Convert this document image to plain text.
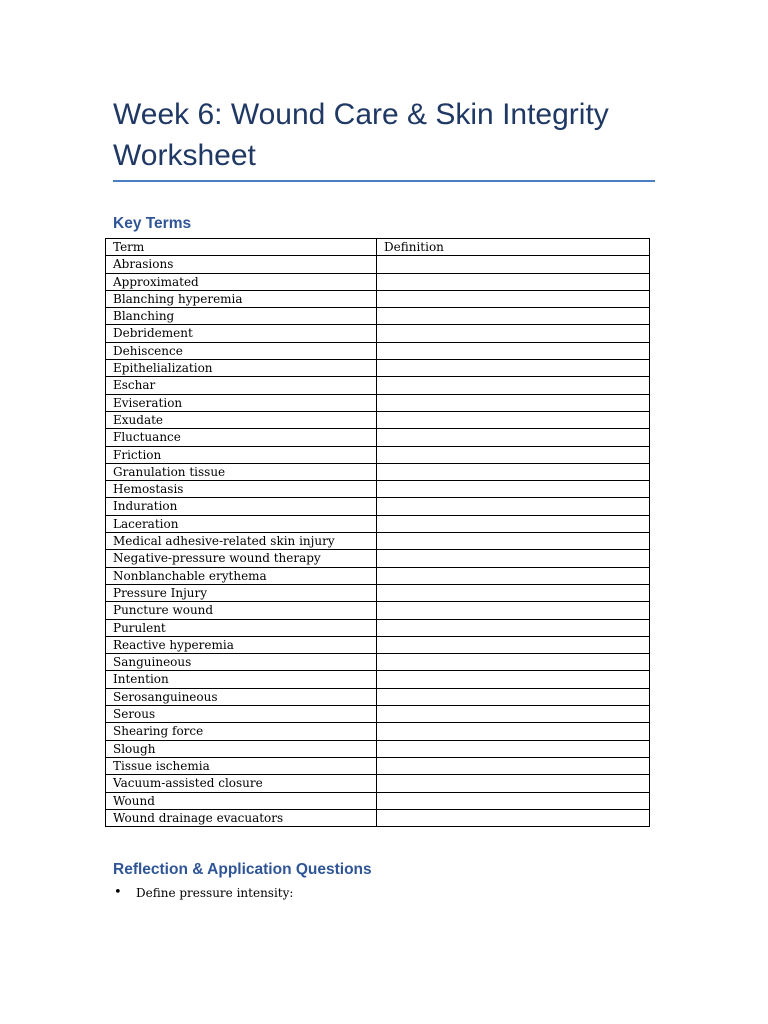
Week 6: Wound Care & Skin Integrity Worksheet
Key Terms
Term	Definition
Abrasions	
Approximated	
Blanching hyperemia	
Blanching	
Debridement	
Dehiscence	
Epithelialization	
Eschar	
Eviseration	
Exudate	
Fluctuance	
Friction	
Granulation tissue	
Hemostasis	
Induration	
Laceration	
Medical adhesive-related skin injury	
Negative-pressure wound therapy	
Nonblanchable erythema	
Pressure Injury	
Puncture wound	
Purulent	
Reactive hyperemia	
Sanguineous	
Intention	
Serosanguineous	
Serous	
Shearing force	
Slough	
Tissue ischemia	
Vacuum-assisted closure	
Wound	
Wound drainage evacuators	
Reflection & Application Questions
• Define pressure intensity:
